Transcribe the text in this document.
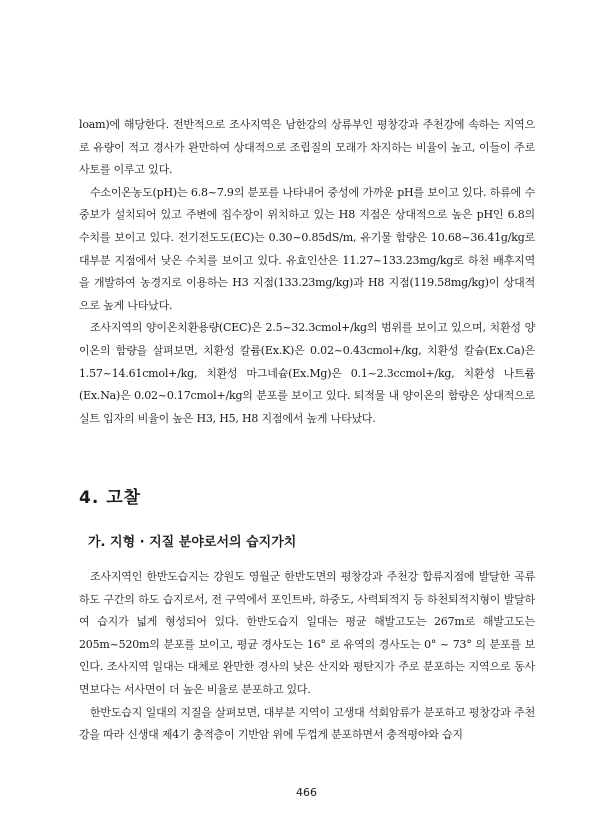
loam)에 해당한다. 전반적으로 조사지역은 남한강의 상류부인 평창강과 주천강에 속하는 지역으로 유량이 적고 경사가 완만하여 상대적으로 조립질의 모래가 차지하는 비율이 높고, 이들이 주로 사토를 이루고 있다.

수소이온농도(pH)는 6.8~7.9의 분포를 나타내어 중성에 가까운 pH를 보이고 있다. 하류에 수중보가 설치되어 있고 주변에 집수장이 위치하고 있는 H8 지점은 상대적으로 높은 pH인 6.8의 수치를 보이고 있다. 전기전도도(EC)는 0.30~0.85dS/m, 유기물 함량은 10.68~36.41g/kg로 대부분 지점에서 낮은 수치를 보이고 있다. 유효인산은 11.27~133.23mg/kg로 하천 배후지역을 개발하여 농경지로 이용하는 H3 지점(133.23mg/kg)과 H8 지점(119.58mg/kg)이 상대적으로 높게 나타났다.

조사지역의 양이온치환용량(CEC)은 2.5~32.3cmol+/kg의 범위를 보이고 있으며, 치환성 양이온의 함량을 살펴보면, 치환성 칼륨(Ex.K)은 0.02~0.43cmol+/kg, 치환성 칼슘(Ex.Ca)은 1.57~14.61cmol+/kg, 치환성 마그네슘(Ex.Mg)은 0.1~2.3ccmol+/kg, 치환성 나트륨(Ex.Na)은 0.02~0.17cmol+/kg의 분포를 보이고 있다. 퇴적물 내 양이온의 함량은 상대적으로 실트 입자의 비율이 높은 H3, H5, H8 지점에서 높게 나타났다.

4. 고찰
가. 지형 · 지질 분야로서의 습지가치

조사지역인 한반도습지는 강원도 영월군 한반도면의 평창강과 주천강 합류지점에 발달한 곡류 하도 구간의 하도 습지로서, 전 구역에서 포인트바, 하중도, 사력퇴적지 등 하천퇴적지형이 발달하여 습지가 넓게 형성되어 있다. 한반도습지 일대는 평균 해발고도는 267m로 해발고도는 205m~520m의 분포를 보이고, 평균 경사도는 16° 로 유역의 경사도는 0° ~ 73° 의 분포를 보인다. 조사지역 일대는 대체로 완만한 경사의 낮은 산지와 평탄지가 주로 분포하는 지역으로 동사면보다는 서사면이 더 높은 비율로 분포하고 있다.

한반도습지 일대의 지질을 살펴보면, 대부분 지역이 고생대 석회암류가 분포하고 평창강과 주천강을 따라 신생대 제4기 충적층이 기반암 위에 두껍게 분포하면서 충적평야와 습지

466
